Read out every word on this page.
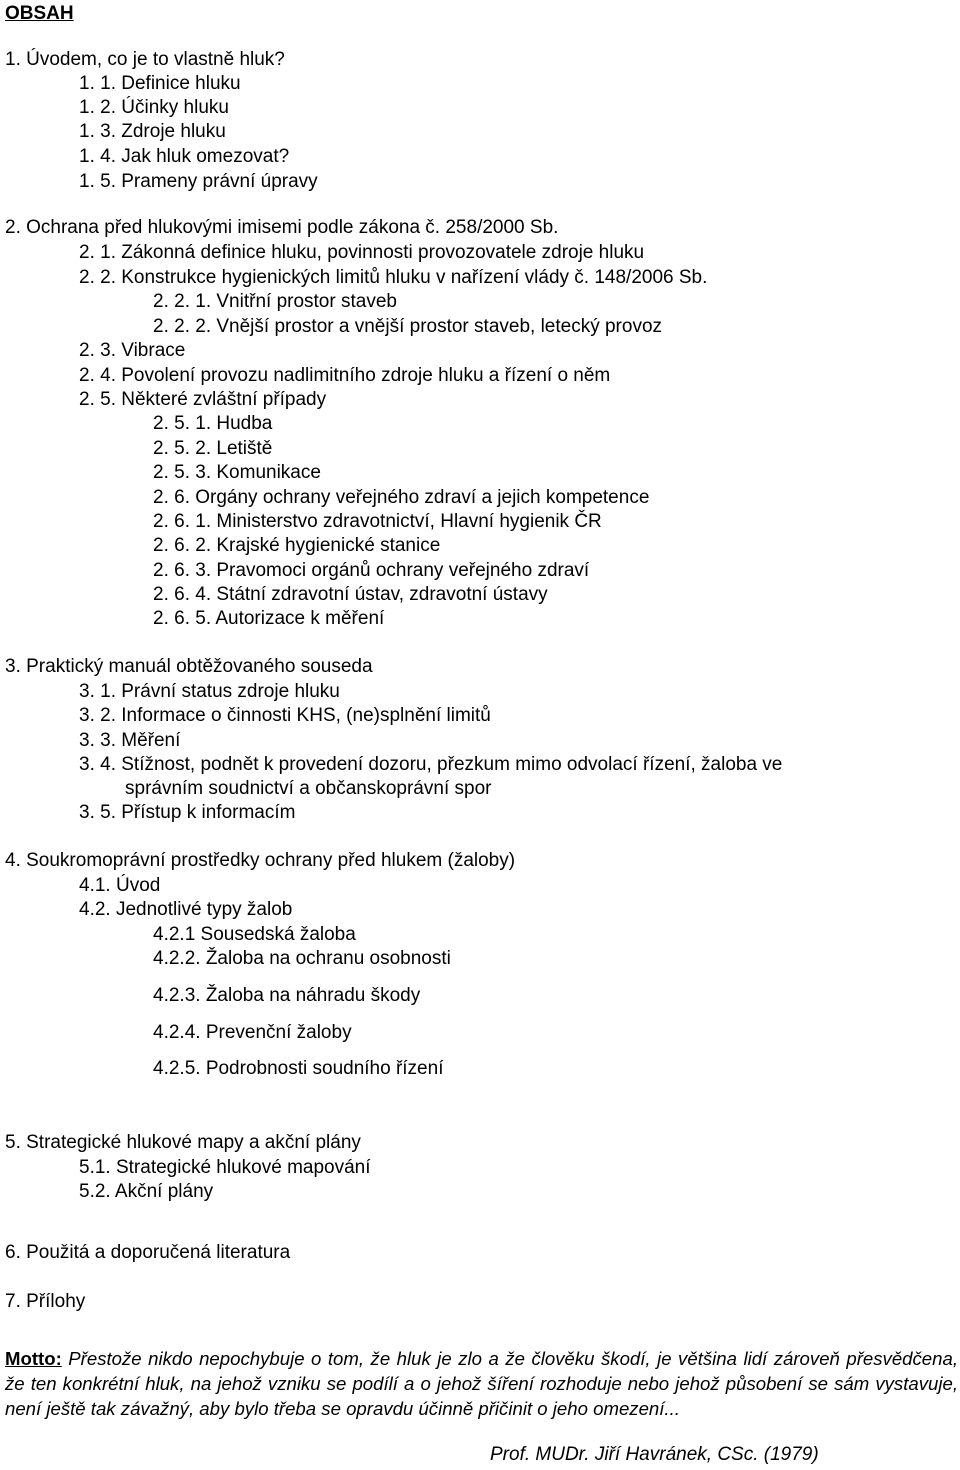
OBSAH
1. Úvodem, co je to vlastně hluk?
1. 1. Definice hluku
1. 2. Účinky hluku
1. 3. Zdroje hluku
1. 4. Jak hluk omezovat?
1. 5. Prameny právní úpravy
2. Ochrana před hlukovými imisemi podle zákona č. 258/2000 Sb.
2. 1. Zákonná definice hluku, povinnosti provozovatele zdroje hluku
2. 2. Konstrukce hygienických limitů hluku v nařízení vlády č. 148/2006 Sb.
2. 2. 1. Vnitřní prostor staveb
2. 2. 2. Vnější prostor a vnější prostor staveb, letecký provoz
2. 3. Vibrace
2. 4. Povolení provozu nadlimitního zdroje hluku a řízení o něm
2. 5. Některé zvláštní případy
2. 5. 1. Hudba
2. 5. 2. Letiště
2. 5. 3. Komunikace
2. 6. Orgány ochrany veřejného zdraví a jejich kompetence
2. 6. 1. Ministerstvo zdravotnictví, Hlavní hygienik ČR
2. 6. 2. Krajské hygienické stanice
2. 6. 3. Pravomoci orgánů ochrany veřejného zdraví
2. 6. 4. Státní zdravotní ústav, zdravotní ústavy
2. 6. 5. Autorizace k měření
3. Praktický manuál obtěžovaného souseda
3. 1. Právní status zdroje hluku
3. 2. Informace o činnosti KHS, (ne)splnění limitů
3. 3. Měření
3. 4. Stížnost, podnět k provedení dozoru, přezkum mimo odvolací řízení, žaloba ve
správním soudnictví a občanskoprávní spor
3. 5. Přístup k informacím
4. Soukromoprávní prostředky ochrany před hlukem (žaloby)
4.1. Úvod
4.2. Jednotlivé typy žalob
4.2.1 Sousedská žaloba
4.2.2. Žaloba na ochranu osobnosti
4.2.3. Žaloba na náhradu škody
4.2.4. Prevenční žaloby
4.2.5. Podrobnosti soudního řízení
5. Strategické hlukové mapy a akční plány
5.1. Strategické hlukové mapování
5.2. Akční plány
6. Použitá a doporučená literatura
7. Přílohy
Motto: Přestože nikdo nepochybuje o tom, že hluk je zlo a že člověku škodí, je většina lidí zároveň přesvědčena, že ten konkrétní hluk, na jehož vzniku se podílí a o jehož šíření rozhoduje nebo jehož působení se sám vystavuje, není ještě tak závažný, aby bylo třeba se opravdu účinně přičinit o jeho omezení...
Prof. MUDr. Jiří Havránek, CSc. (1979)
